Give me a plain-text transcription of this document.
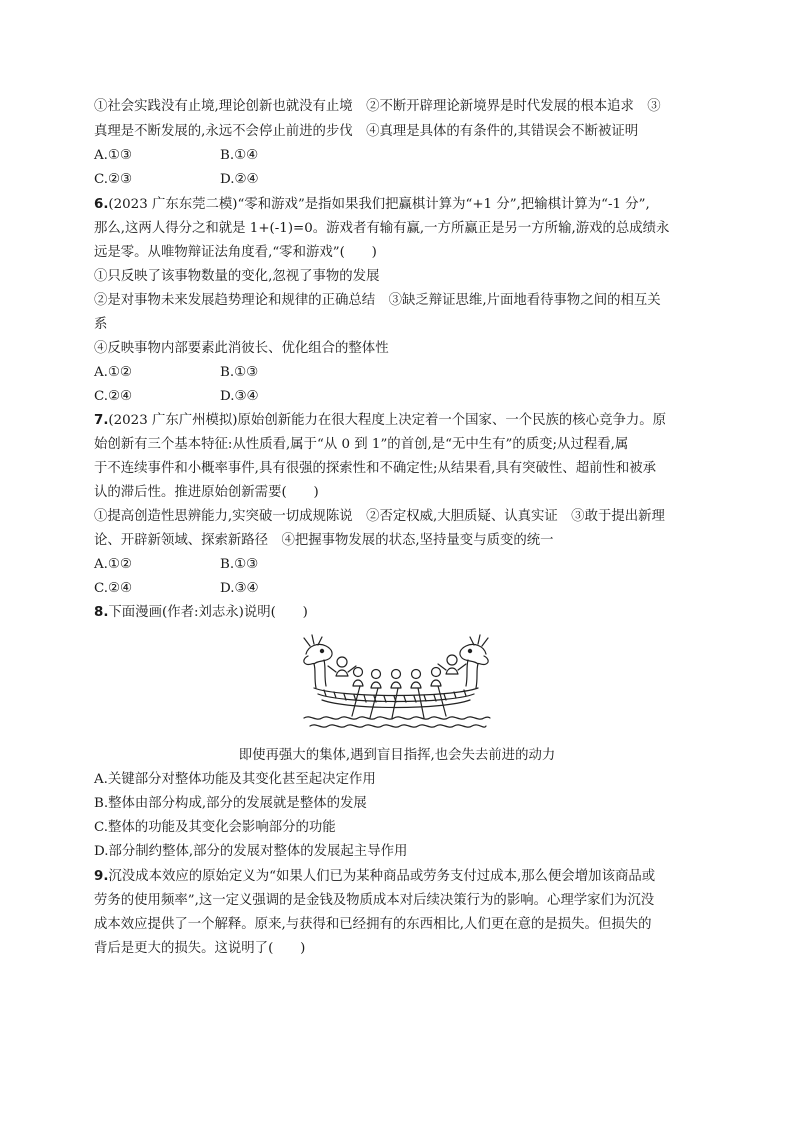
①社会实践没有止境,理论创新也就没有止境　②不断开辟理论新境界是时代发展的根本追求　③
真理是不断发展的,永远不会停止前进的步伐　④真理是具体的有条件的,其错误会不断被证明
A.①③	B.①④
C.②③	D.②④
6.(2023 广东东莞二模)“零和游戏”是指如果我们把赢棋计算为“+1 分”,把输棋计算为“-1 分”,
那么,这两人得分之和就是 1+(-1)=0。游戏者有输有赢,一方所赢正是另一方所输,游戏的总成绩永
远是零。从唯物辩证法角度看,“零和游戏”(　　)
①只反映了该事物数量的变化,忽视了事物的发展
②是对事物未来发展趋势理论和规律的正确总结　③缺乏辩证思维,片面地看待事物之间的相互关
系
④反映事物内部要素此消彼长、优化组合的整体性
A.①②	B.①③
C.②④	D.③④
7.(2023 广东广州模拟)原始创新能力在很大程度上决定着一个国家、一个民族的核心竞争力。原
始创新有三个基本特征:从性质看,属于“从 0 到 1”的首创,是“无中生有”的质变;从过程看,属
于不连续事件和小概率事件,具有很强的探索性和不确定性;从结果看,具有突破性、超前性和被承
认的滞后性。推进原始创新需要(　　)
①提高创造性思辨能力,实突破一切成规陈说　②否定权威,大胆质疑、认真实证　③敢于提出新理
论、开辟新领域、探索新路径　④把握事物发展的状态,坚持量变与质变的统一
A.①②	B.①③
C.②④	D.③④
8.下面漫画(作者:刘志永)说明(　　)
即使再强大的集体,遇到盲目指挥,也会失去前进的动力
A.关键部分对整体功能及其变化甚至起决定作用
B.整体由部分构成,部分的发展就是整体的发展
C.整体的功能及其变化会影响部分的功能
D.部分制约整体,部分的发展对整体的发展起主导作用
9.沉没成本效应的原始定义为“如果人们已为某种商品或劳务支付过成本,那么便会增加该商品或
劳务的使用频率”,这一定义强调的是金钱及物质成本对后续决策行为的影响。心理学家们为沉没
成本效应提供了一个解释。原来,与获得和已经拥有的东西相比,人们更在意的是损失。但损失的
背后是更大的损失。这说明了(　　)
